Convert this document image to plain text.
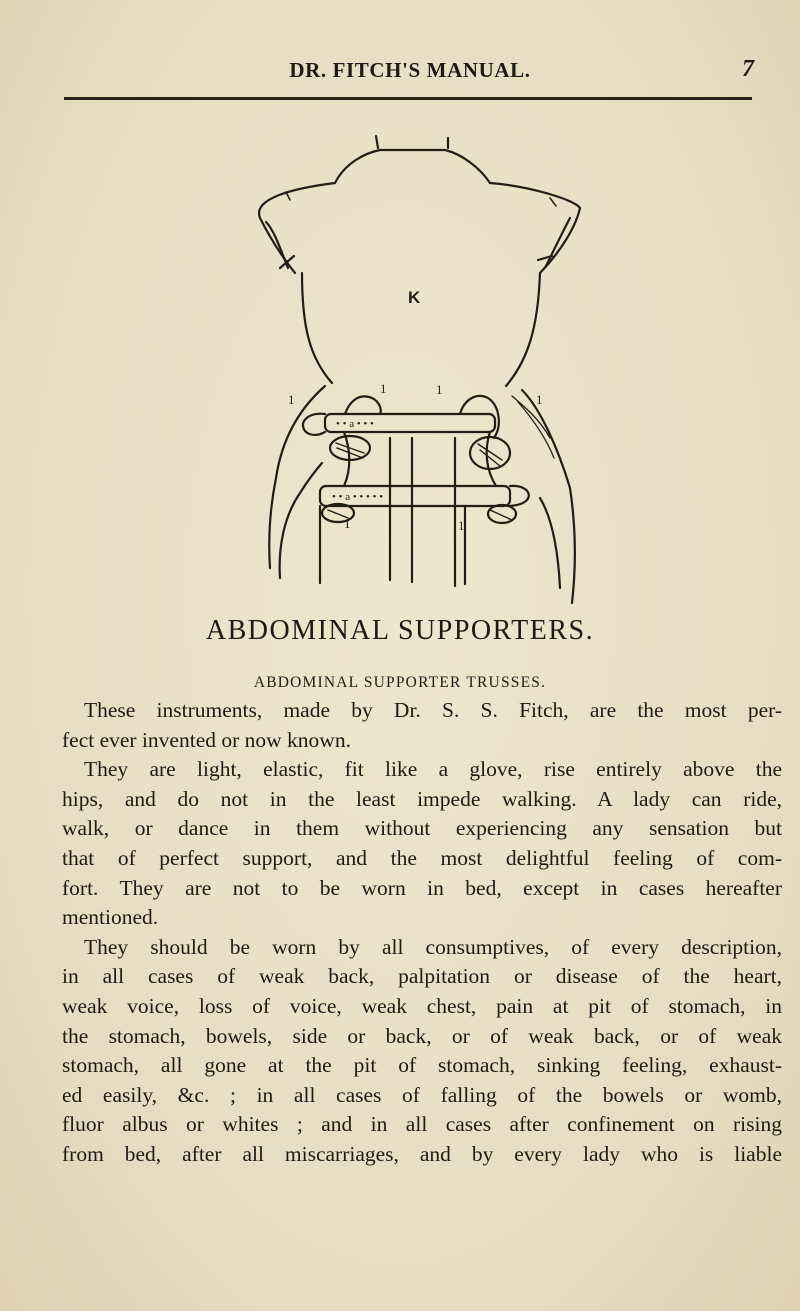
DR. FITCH'S MANUAL.	7
• • a • • •
• • a • • • • •
K
1	1
1	1
1	1
ABDOMINAL SUPPORTERS.
ABDOMINAL SUPPORTER TRUSSES.

These instruments, made by Dr. S. S. Fitch, are the most per-
fect ever invented or now known.

They are light, elastic, fit like a glove, rise entirely above the
hips, and do not in the least impede walking. A lady can ride,
walk, or dance in them without experiencing any sensation but
that of perfect support, and the most delightful feeling of com-
fort. They are not to be worn in bed, except in cases hereafter
mentioned.

They should be worn by all consumptives, of every description,
in all cases of weak back, palpitation or disease of the heart,
weak voice, loss of voice, weak chest, pain at pit of stomach, in
the stomach, bowels, side or back, or of weak back, or of weak
stomach, all gone at the pit of stomach, sinking feeling, exhaust-
ed easily, &c. ; in all cases of falling of the bowels or womb,
fluor albus or whites ; and in all cases after confinement on rising
from bed, after all miscarriages, and by every lady who is liable
